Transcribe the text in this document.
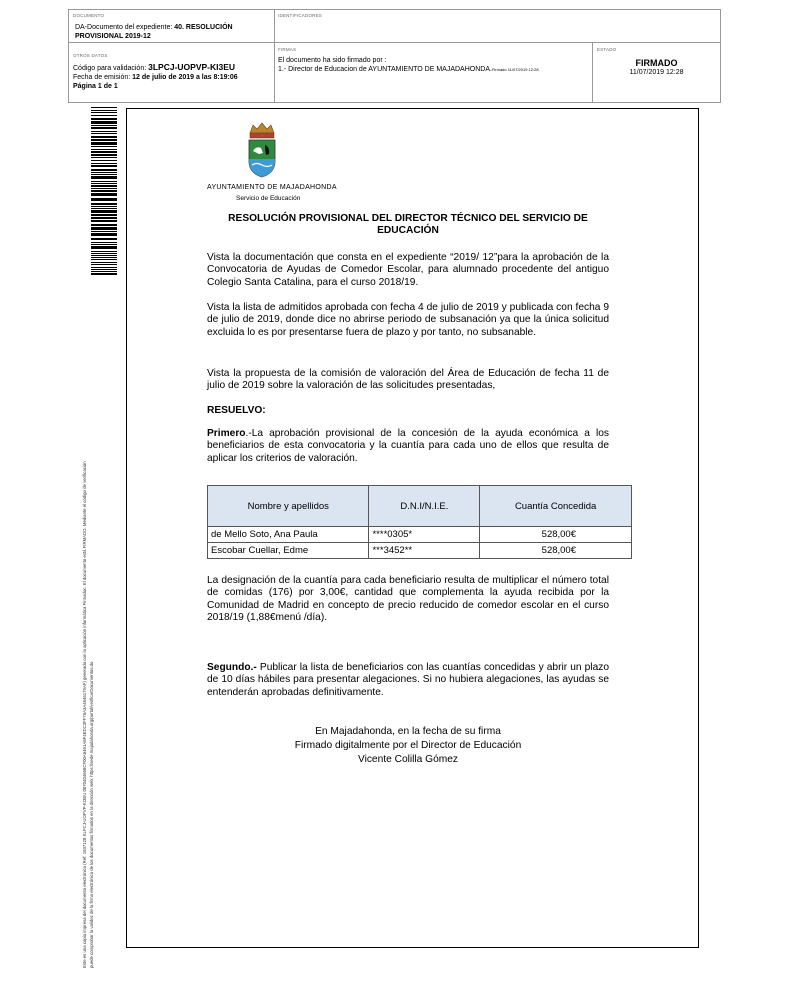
DOCUMENTO
DA-Documento del expediente: 40. RESOLUCIÓN PROVISIONAL 2019-12
IDENTIFICADORES
OTROS DATOS
Código para validación: 3LPCJ-UOPVP-KI3EU
Fecha de emisión: 12 de julio de 2019 a las 8:19:06
Página 1 de 1
FIRMAS
El documento ha sido firmado por :
1.- Director de Educacion de AYUNTAMIENTO DE MAJADAHONDA.Firmado 11/07/2019 12:28
ESTADO
FIRMADO
11/07/2019 12:28
Este es una copia impresa del documento electrónico (Ref: 1637128 KLPCJ-UOPVP-KI3EU 0070404658CF00A6461A8F4EDC3FF76A3A4646179AF) generada con la aplicación informática Firmadoc. El documento está FIRMADO. Mediante el código de verificación puede comprobar la validez de la firma electrónica de los documentos firmados en la dirección web: https://sede.majadahonda.org/portal/verificarDocumentos.do
AYUNTAMIENTO DE MAJADAHONDA
Servicio de Educación
RESOLUCIÓN PROVISIONAL DEL DIRECTOR TÉCNICO DEL SERVICIO DE EDUCACIÓN
Vista la documentación que consta en el expediente “2019/ 12”para la aprobación de la Convocatoria de Ayudas de Comedor Escolar, para alumnado procedente del antiguo Colegio Santa Catalina, para el curso 2018/19.
Vista la lista de admitidos aprobada con fecha 4 de julio de 2019 y publicada con fecha 9 de julio de 2019, donde dice no abrirse periodo de subsanación ya que la única solicitud excluida lo es por presentarse fuera de plazo y por tanto, no subsanable.
Vista la propuesta de la comisión de valoración del Área de Educación de fecha 11 de julio de 2019 sobre la valoración de las solicitudes presentadas,
RESUELVO:
Primero.-La aprobación provisional de la concesión de la ayuda económica a los beneficiarios de esta convocatoria y la cuantía para cada uno de ellos que resulta de aplicar los criterios de valoración.
Nombre y apellidos	D.N.I/N.I.E.	Cuantía Concedida
de Mello Soto, Ana Paula	****0305*	528,00€
Escobar Cuellar, Edme	***3452**	528,00€
La designación de la cuantía para cada beneficiario resulta de multiplicar el número total de comidas (176) por 3,00€, cantidad que complementa la ayuda recibida por la Comunidad de Madrid en concepto de precio reducido de comedor escolar en el curso 2018/19 (1,88€menú /día).
Segundo.- Publicar la lista de beneficiarios con las cuantías concedidas y abrir un plazo de 10 días hábiles para presentar alegaciones. Si no hubiera alegaciones, las ayudas se entenderán aprobadas definitivamente.
En Majadahonda, en la fecha de su firma
Firmado digitalmente por el Director de Educación
Vicente Colilla Gómez
